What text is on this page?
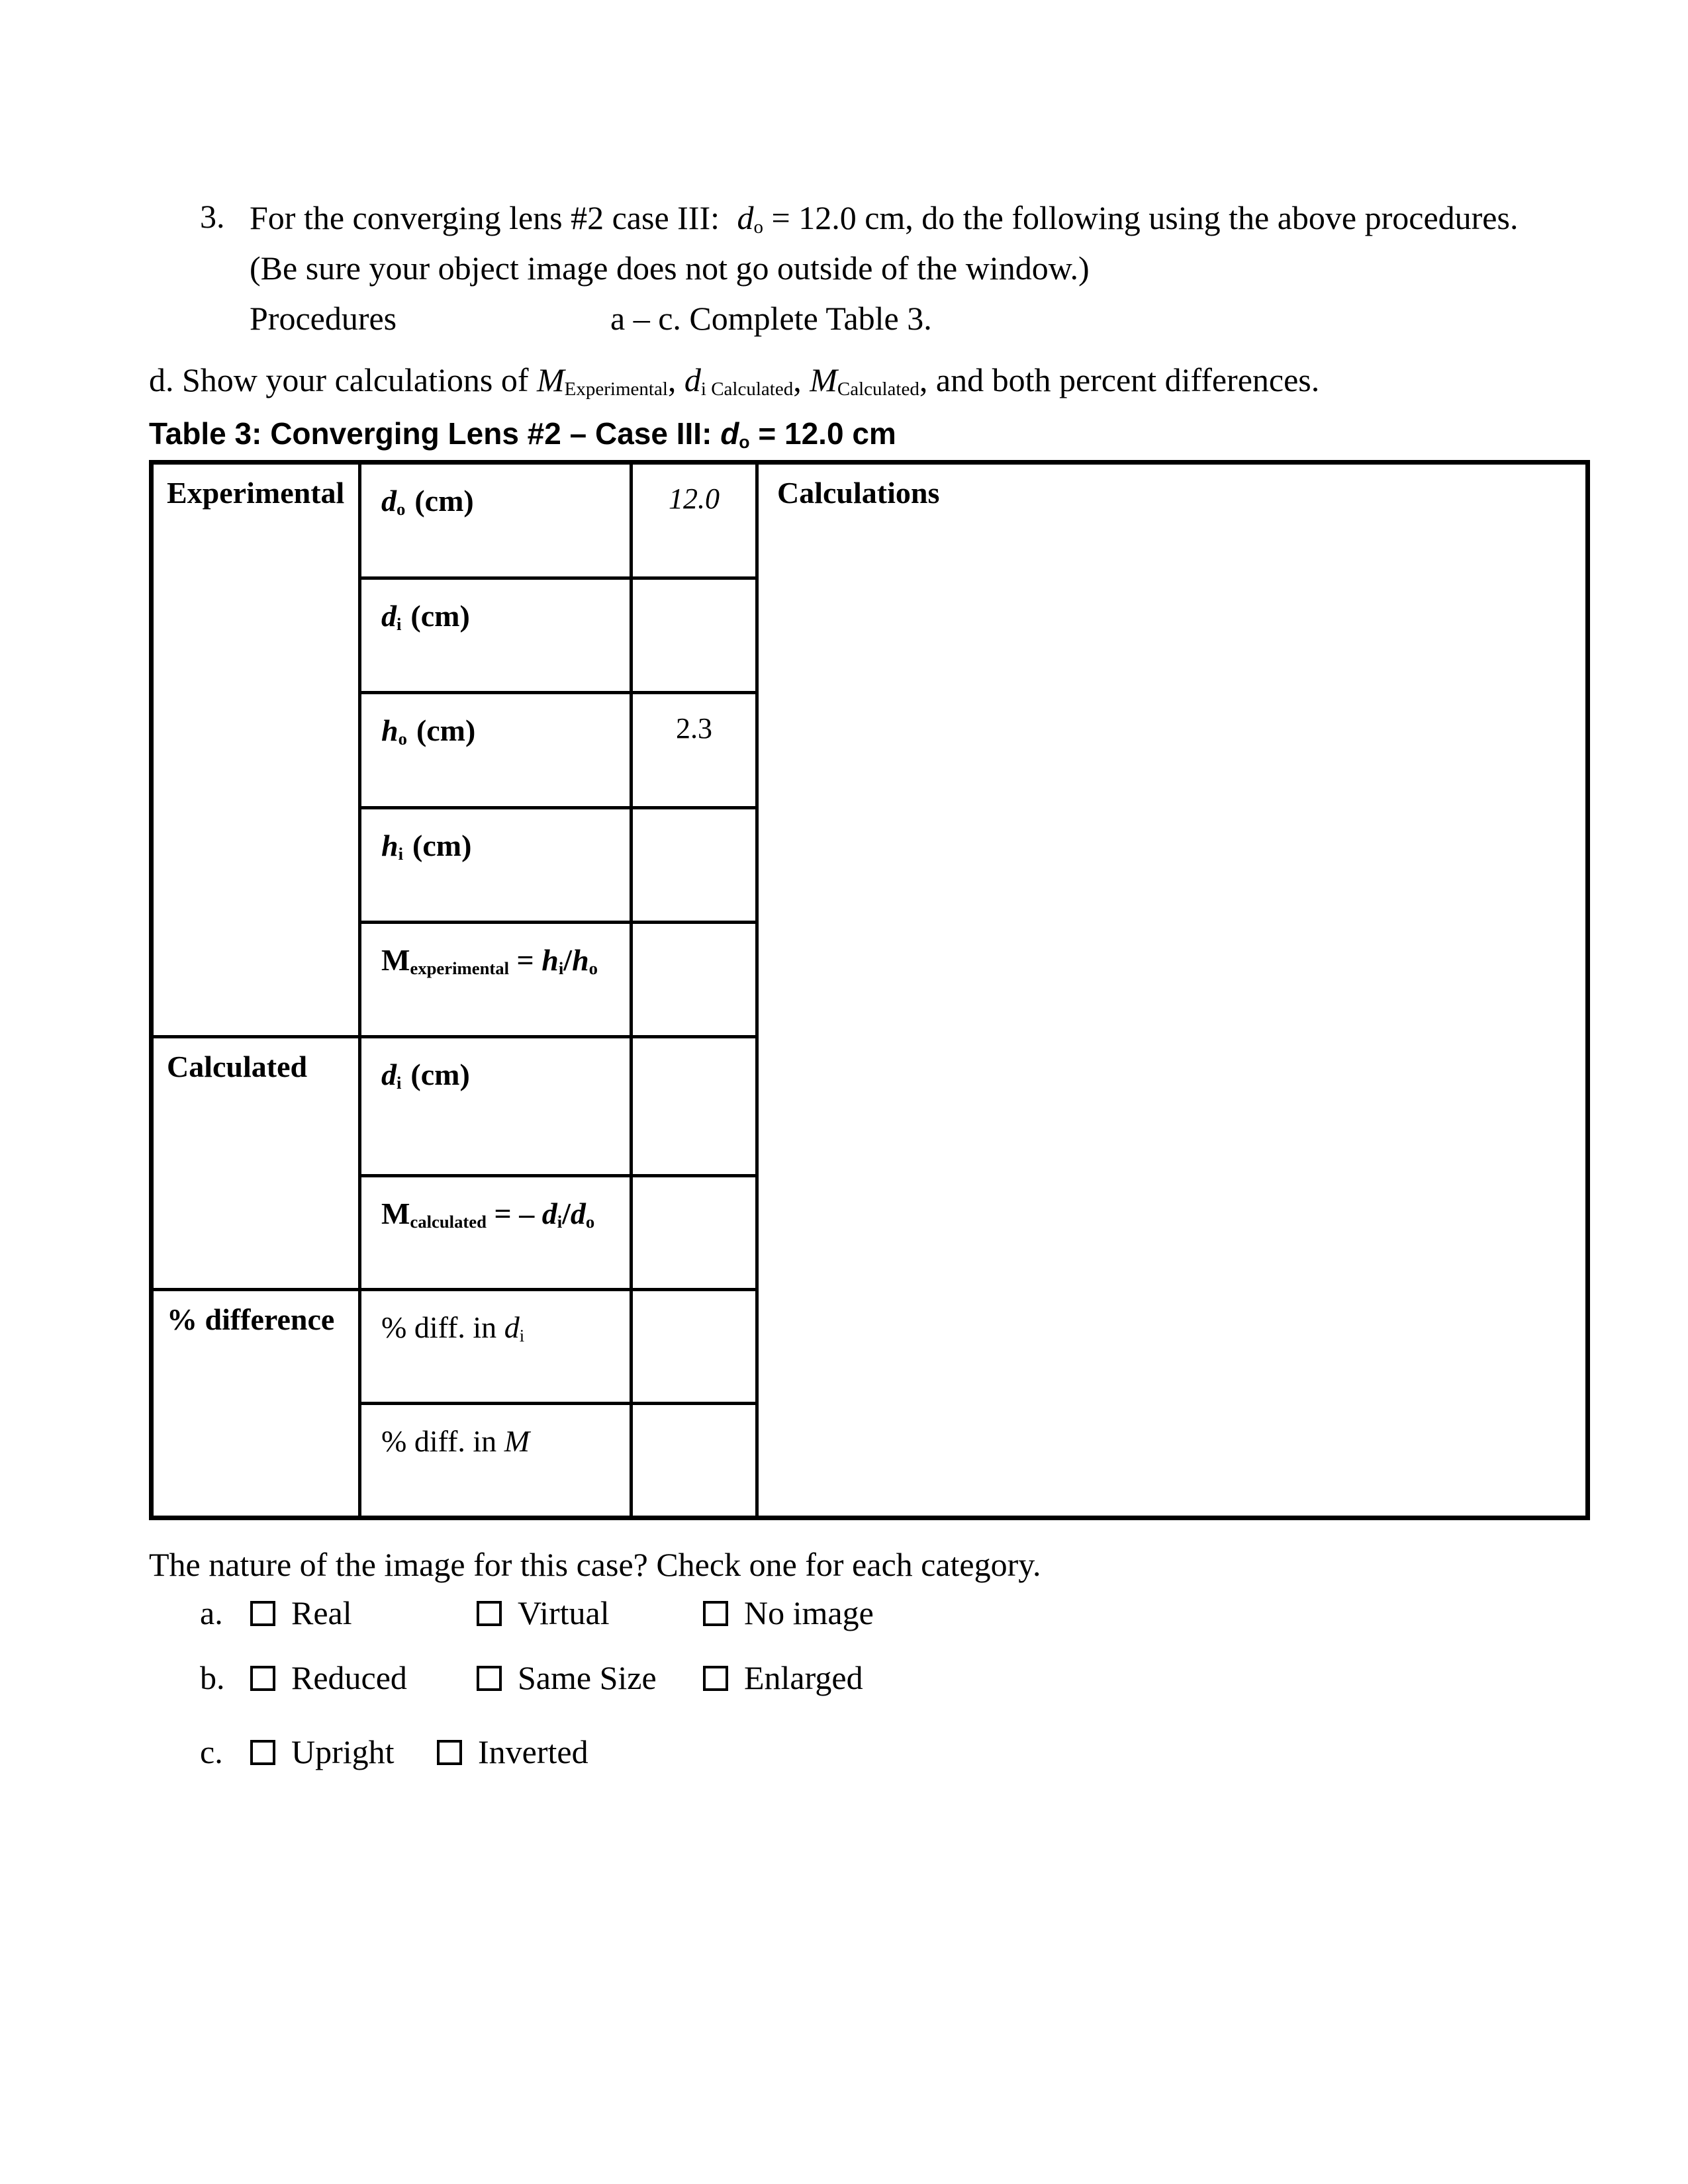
3. For the converging lens #2 case III: do = 12.0 cm, do the following using the above procedures.
(Be sure your object image does not go outside of the window.)
Procedures	a – c. Complete Table 3.
d. Show your calculations of MExperimental, di Calculated, MCalculated, and both percent differences.
Table 3: Converging Lens #2 – Case III: do = 12.0 cm
Experimental	do (cm)	12.0	Calculations
	di (cm)		
	ho (cm)	2.3	
	hi (cm)		
	Mexperimental = hi/ho		
Calculated	di (cm)		
	Mcalculated = – di/do		
% difference	% diff. in di		
	% diff. in M		
The nature of the image for this case? Check one for each category.
a.	Real	Virtual	No image
b.	Reduced	Same Size	Enlarged
c.	Upright	Inverted
